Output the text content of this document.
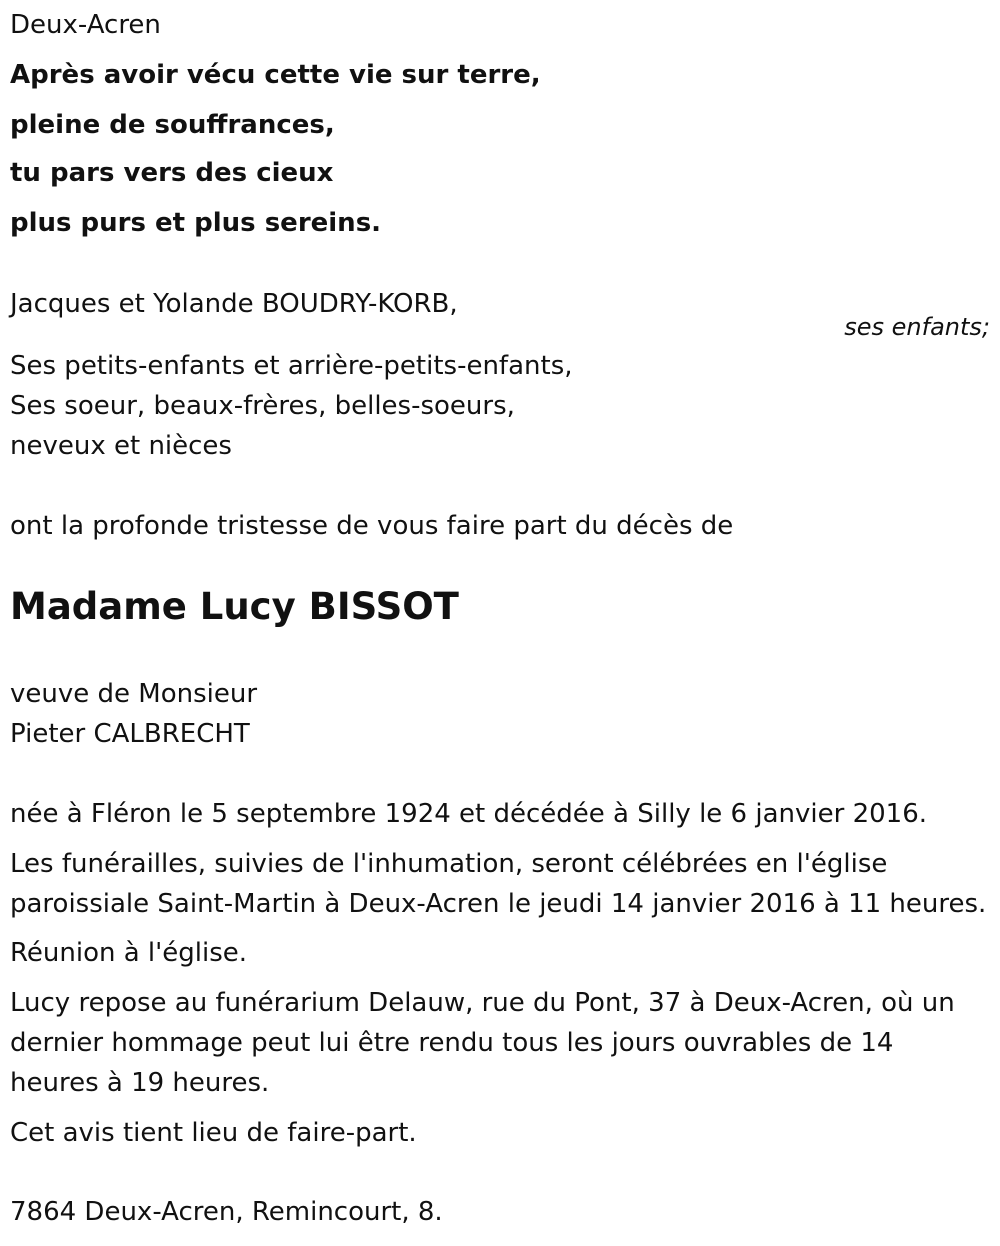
Deux-Acren
Après avoir vécu cette vie sur terre,
pleine de souffrances,
tu pars vers des cieux
plus purs et plus sereins.
Jacques et Yolande BOUDRY-KORB,
ses enfants;
Ses petits-enfants et arrière-petits-enfants,
Ses soeur, beaux-frères, belles-soeurs,
neveux et nièces
ont la profonde tristesse de vous faire part du décès de
Madame Lucy BISSOT
veuve de Monsieur
Pieter CALBRECHT
née à Fléron le 5 septembre 1924 et décédée à Silly le 6 janvier 2016.
Les funérailles, suivies de l'inhumation, seront célébrées en l'église
paroissiale Saint-Martin à Deux-Acren le jeudi 14 janvier 2016 à 11 heures.
Réunion à l'église.
Lucy repose au funérarium Delauw, rue du Pont, 37 à Deux-Acren, où un
dernier hommage peut lui être rendu tous les jours ouvrables de 14
heures à 19 heures.
Cet avis tient lieu de faire-part.
7864 Deux-Acren, Remincourt, 8.
